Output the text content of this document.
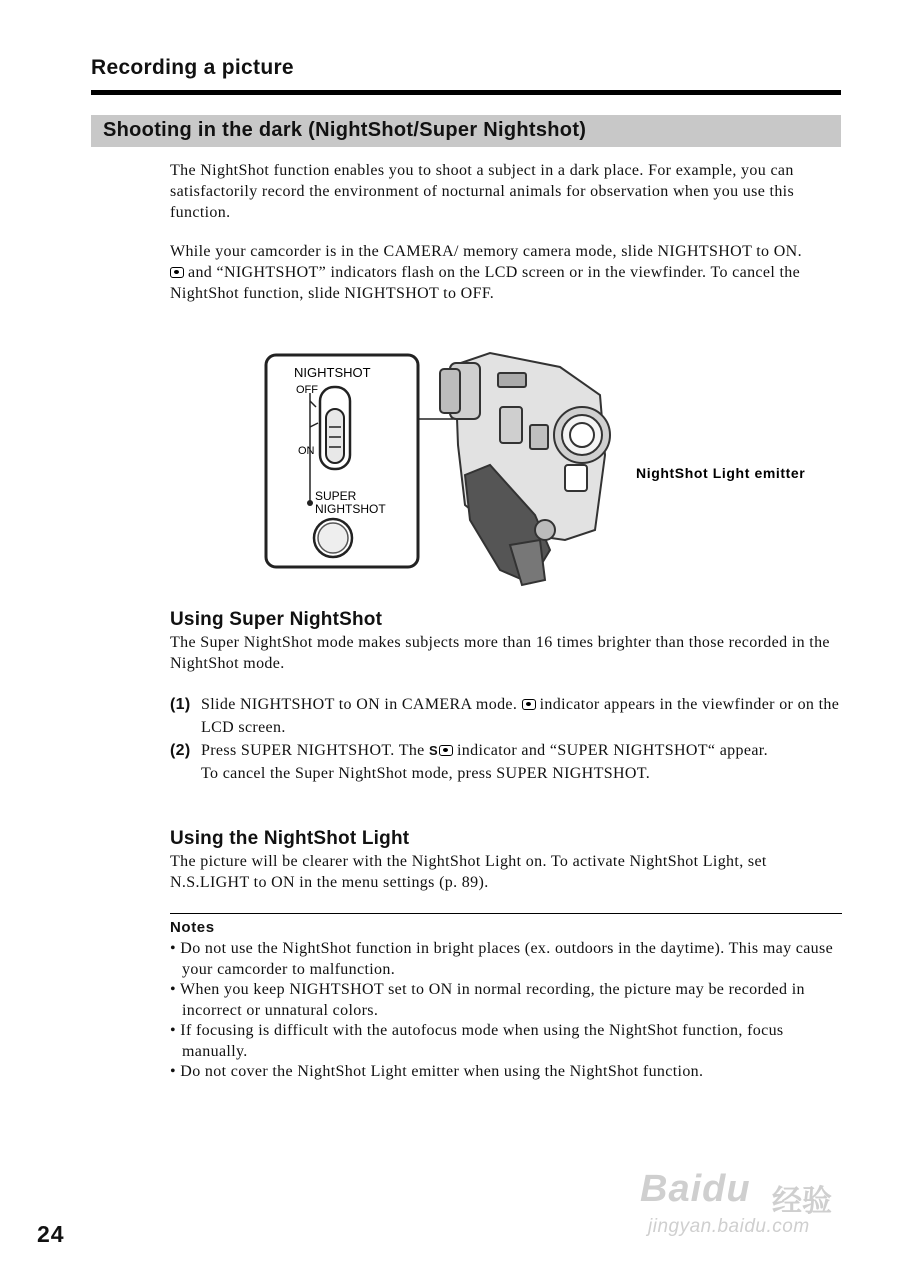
Recording a picture
Shooting in the dark (NightShot/Super Nightshot)

The NightShot function enables you to shoot a subject in a dark place. For example, you can satisfactorily record the environment of nocturnal animals for observation when you use this function.

While your camcorder is in the CAMERA/ memory camera mode, slide NIGHTSHOT to ON.

and “NIGHTSHOT” indicators flash on the LCD screen or in the viewfinder. To cancel the NightShot function, slide NIGHTSHOT to OFF.

NIGHTSHOT
OFF
ON
SUPER
NIGHTSHOT
NightShot Light emitter
Using Super NightShot
The Super NightShot mode makes subjects more than 16 times brighter than those recorded in the NightShot mode.
(1) Slide NIGHTSHOT to ON in CAMERA mode. indicator appears in the viewfinder or on the LCD screen.
(2) Press SUPER NIGHTSHOT. The S indicator and “SUPER NIGHTSHOT“ appear.
To cancel the Super NightShot mode, press SUPER NIGHTSHOT.
Using the NightShot Light
The picture will be clearer with the NightShot Light on. To activate NightShot Light, set N.S.LIGHT to ON in the menu settings (p. 89).
Notes
• Do not use the NightShot function in bright places (ex. outdoors in the daytime). This may cause your camcorder to malfunction.
• When you keep NIGHTSHOT set to ON in normal recording, the picture may be recorded in incorrect or unnatural colors.
• If focusing is difficult with the autofocus mode when using the NightShot function, focus manually.
• Do not cover the NightShot Light emitter when using the NightShot function.
24
Baidu 经验
jingyan.baidu.com
